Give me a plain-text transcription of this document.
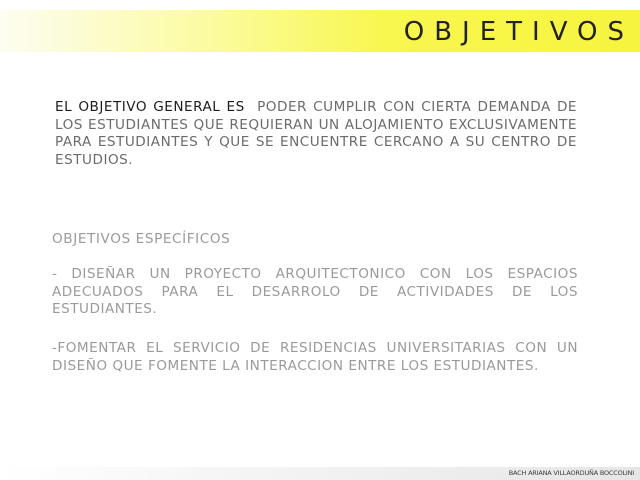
OBJETIVOS

EL OBJETIVO GENERAL ES PODER CUMPLIR CON CIERTA DEMANDA DE LOS ESTUDIANTES QUE REQUIERAN UN ALOJAMIENTO EXCLUSIVAMENTE PARA ESTUDIANTES Y QUE SE ENCUENTRE CERCANO A SU CENTRO DE ESTUDIOS.

OBJETIVOS ESPECÍFICOS

- DISEÑAR UN PROYECTO ARQUITECTONICO CON LOS ESPACIOS ADECUADOS PARA EL DESARROLO DE ACTIVIDADES DE LOS ESTUDIANTES.

-FOMENTAR EL SERVICIO DE RESIDENCIAS UNIVERSITARIAS CON UN DISEÑO QUE FOMENTE LA INTERACCION ENTRE LOS ESTUDIANTES.

BACH ARIANA VILLAORDUÑA BOCCOLINI
